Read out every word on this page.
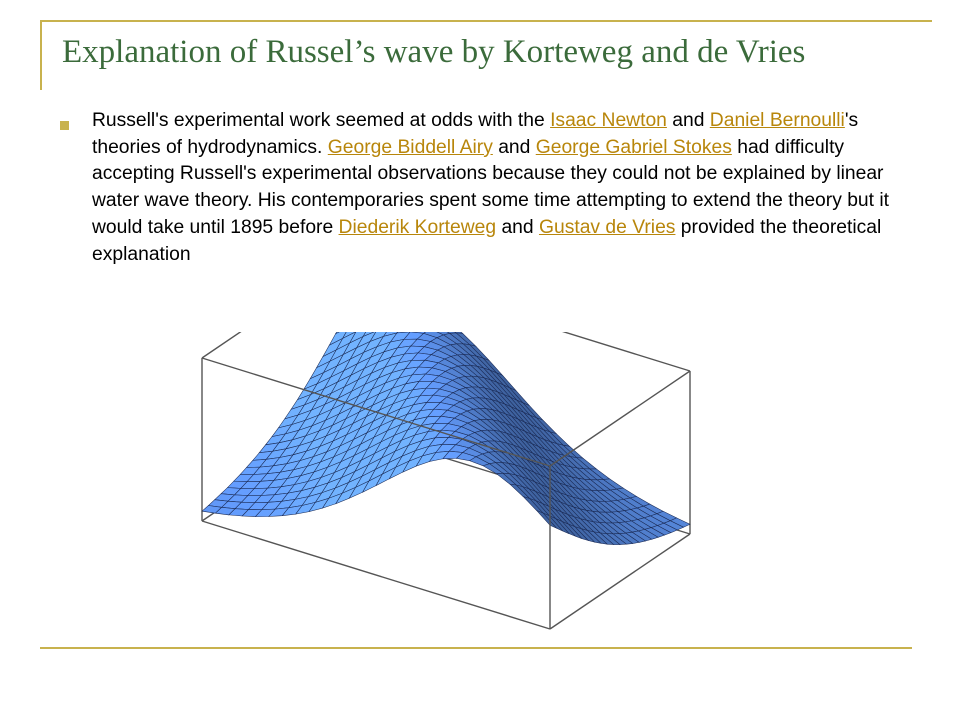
Explanation of Russel’s wave by Korteweg and de Vries

Russell's experimental work seemed at odds with the Isaac Newton and Daniel Bernoulli's theories of hydrodynamics. George Biddell Airy and George Gabriel Stokes had difficulty accepting Russell's experimental observations because they could not be explained by linear water wave theory. His contemporaries spent some time attempting to extend the theory but it would take until 1895 before Diederik Korteweg and Gustav de Vries provided the theoretical explanation
